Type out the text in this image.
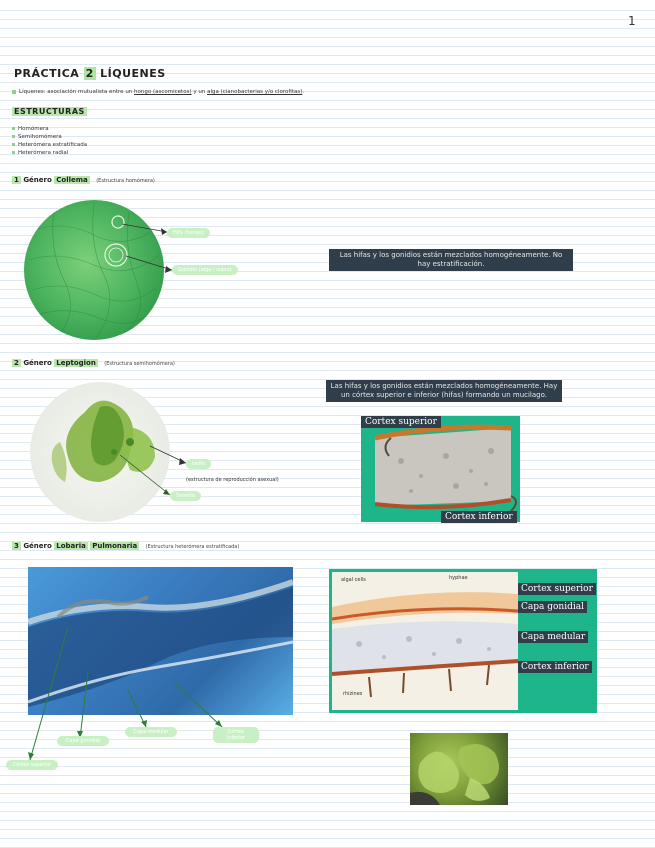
1
PRÁCTICA 2 LÍQUENES
Líquenes: asociación mutualista entre un hongo (ascomicetos) y un alga (cianobacterias y/o clorofitas).
ESTRUCTURAS
Homómera
Semihomómera
Heterómera estratificada
Heterómera radial
1 Género Collema (Estructura homómera)
Hifa (hongo)
Gonidio (alga / ciano)
Las hifas y los gonidios están mezclados homogéneamente. No hay estratificación.
2 Género Leptogion (Estructura semihomómera)
Isidio
(estructura de reproducción asexual)
Soredio
Las hifas y los gonidios están mezclados homogéneamente. Hay un córtex superior e inferior (hifas) formando un mucilago.
Cortex superior
Cortex inferior
3 Género Lobaria Pulmonaria (Estructura heterómera estratificada)
Córtex superior
Capa gonidial
Capa medular	Córtex inferior
algal cells	hyphae
rhizines
Cortex superior
Capa gonidial
Capa medular
Cortex inferior
